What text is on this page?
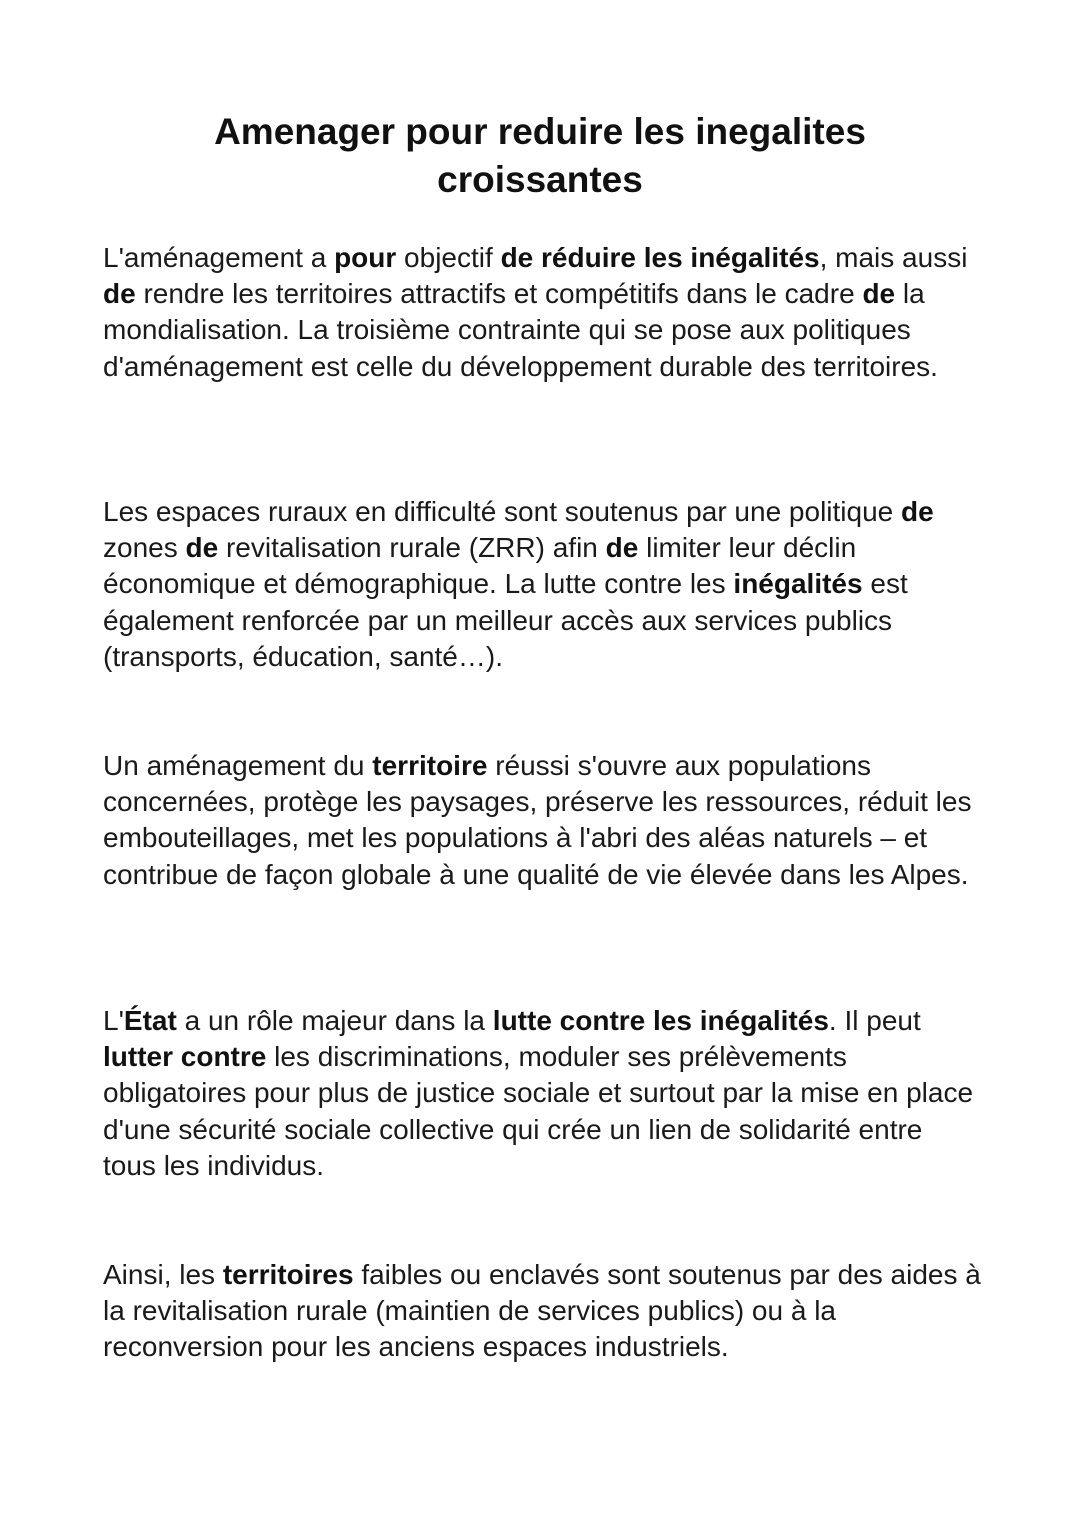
Amenager pour reduire les inegalites croissantes

L'aménagement a pour objectif de réduire les inégalités, mais aussi de rendre les territoires attractifs et compétitifs dans le cadre de la mondialisation. La troisième contrainte qui se pose aux politiques d'aménagement est celle du développement durable des territoires.

Les espaces ruraux en difficulté sont soutenus par une politique de zones de revitalisation rurale (ZRR) afin de limiter leur déclin économique et démographique. La lutte contre les inégalités est également renforcée par un meilleur accès aux services publics (transports, éducation, santé…).

Un aménagement du territoire réussi s'ouvre aux populations concernées, protège les paysages, préserve les ressources, réduit les embouteillages, met les populations à l'abri des aléas naturels – et contribue de façon globale à une qualité de vie élevée dans les Alpes.

L'État a un rôle majeur dans la lutte contre les inégalités. Il peut lutter contre les discriminations, moduler ses prélèvements obligatoires pour plus de justice sociale et surtout par la mise en place d'une sécurité sociale collective qui crée un lien de solidarité entre tous les individus.

Ainsi, les territoires faibles ou enclavés sont soutenus par des aides à la revitalisation rurale (maintien de services publics) ou à la reconversion pour les anciens espaces industriels.
